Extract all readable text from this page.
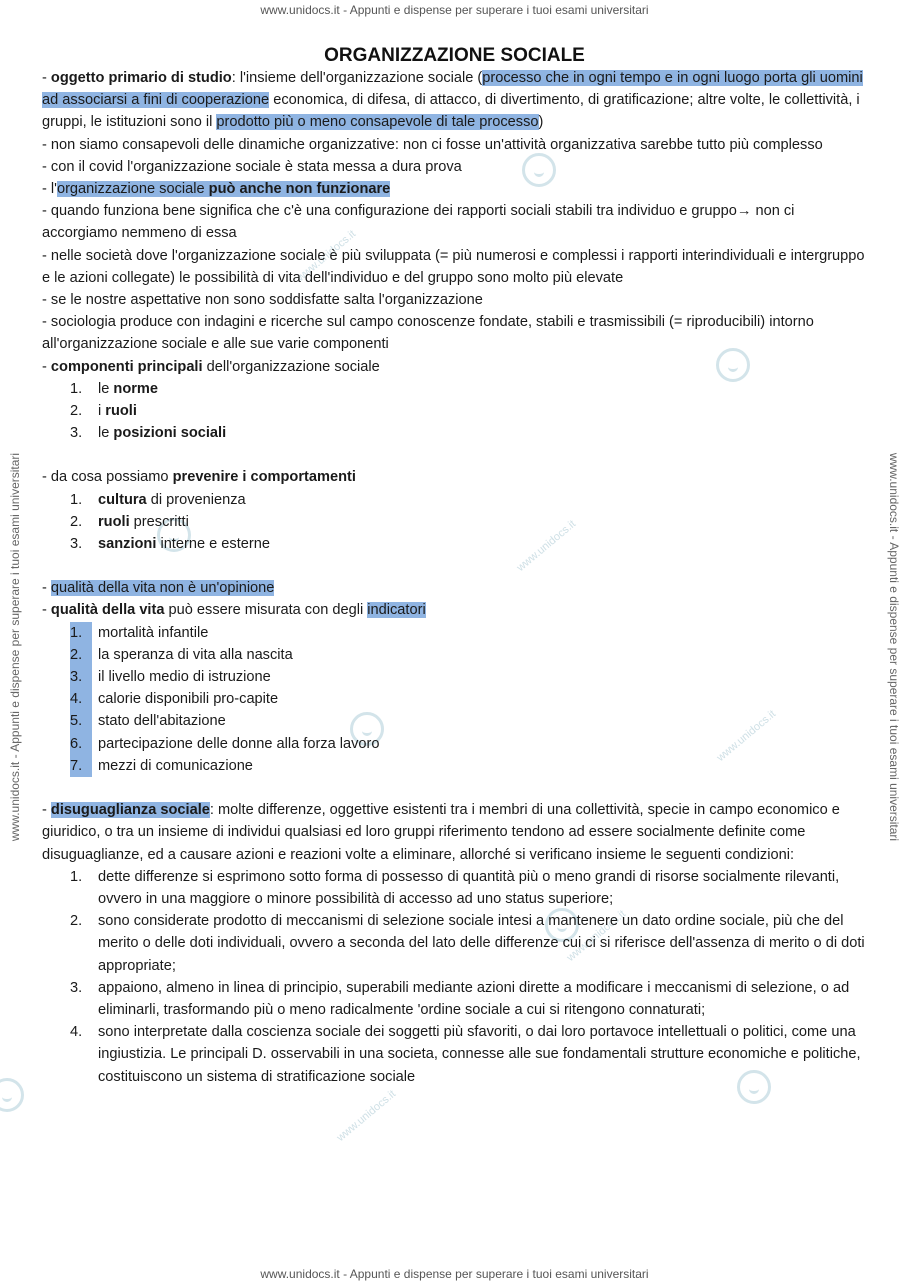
www.unidocs.it - Appunti e dispense per superare i tuoi esami universitari
www.unidocs.it - Appunti e dispense per superare i tuoi esami universitari
www.unidocs.it - Appunti e dispense per superare i tuoi esami universitari	www.unidocs.it - Appunti e dispense per superare i tuoi esami universitari
www.unidocs.it
www.unidocs.it
www.unidocs.it
www.unidocs.it
www.unidocs.it
ORGANIZZAZIONE SOCIALE

- oggetto primario di studio: l'insieme dell'organizzazione sociale (processo che in ogni tempo e in ogni luogo porta gli uomini ad associarsi a fini di cooperazione economica, di difesa, di attacco, di divertimento, di gratificazione; altre volte, le collettività, i gruppi, le istituzioni sono il prodotto più o meno consapevole di tale processo)

- non siamo consapevoli delle dinamiche organizzative: non ci fosse un'attività organizzativa sarebbe tutto più complesso

- con il covid l'organizzazione sociale è stata messa a dura prova

- l'organizzazione sociale può anche non funzionare

- quando funziona bene significa che c'è una configurazione dei rapporti sociali stabili tra individuo e gruppo→ non ci accorgiamo nemmeno di essa

- nelle società dove l'organizzazione sociale è più sviluppata (= più numerosi e complessi i rapporti interindividuali e intergruppo e le azioni collegate) le possibilità di vita dell'individuo e del gruppo sono molto più elevate

- se le nostre aspettative non sono soddisfatte salta l'organizzazione

- sociologia produce con indagini e ricerche sul campo conoscenze fondate, stabili e trasmissibili (= riproducibili) intorno all'organizzazione sociale e alle sue varie componenti

- componenti principali dell'organizzazione sociale

1. le norme
2. i ruoli
3. le posizioni sociali

- da cosa possiamo prevenire i comportamenti

1. cultura di provenienza
2. ruoli prescritti
3. sanzioni interne e esterne

- qualità della vita non è un'opinione

- qualità della vita può essere misurata con degli indicatori

1.	mortalità infantile
2.	la speranza di vita alla nascita
3.	il livello medio di istruzione
4.	calorie disponibili pro-capite
5.	stato dell'abitazione
6.	partecipazione delle donne alla forza lavoro
7.	mezzi di comunicazione

- disuguaglianza sociale: molte differenze, oggettive esistenti tra i membri di una collettività, specie in campo economico e giuridico, o tra un insieme di individui qualsiasi ed loro gruppi riferimento tendono ad essere socialmente definite come disuguaglianze, ed a causare azioni e reazioni volte a eliminare, allorché si verificano insieme le seguenti condizioni:

1. dette differenze si esprimono sotto forma di possesso di quantità più o meno grandi di risorse socialmente rilevanti, ovvero in una maggiore o minore possibilità di accesso ad uno status superiore;
2. sono considerate prodotto di meccanismi di selezione sociale intesi a mantenere un dato ordine sociale, più che del merito o delle doti individuali, ovvero a seconda del lato delle differenze cui ci si riferisce dell'assenza di merito o di doti appropriate;
3. appaiono, almeno in linea di principio, superabili mediante azioni dirette a modificare i meccanismi di selezione, o ad eliminarli, trasformando più o meno radicalmente 'ordine sociale a cui si ritengono connaturati;
4. sono interpretate dalla coscienza sociale dei soggetti più sfavoriti, o dai loro portavoce intellettuali o politici, come una ingiustizia. Le principali D. osservabili in una societa, connesse alle sue fondamentali strutture economiche e politiche, costituiscono un sistema di stratificazione sociale
